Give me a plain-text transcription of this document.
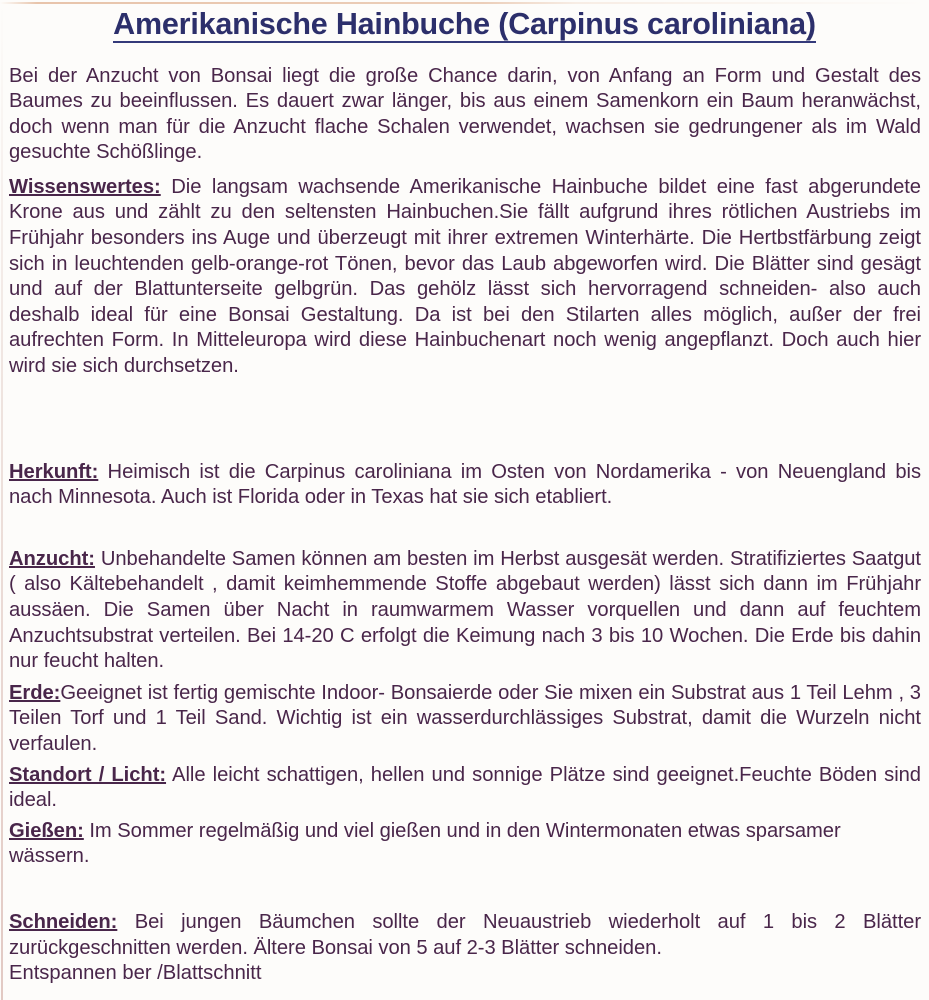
Amerikanische Hainbuche (Carpinus caroliniana)

Bei der Anzucht von Bonsai liegt die große Chance darin, von Anfang an Form und Gestalt des Baumes zu beeinflussen. Es dauert zwar länger, bis aus einem Samenkorn ein Baum heranwächst, doch wenn man für die Anzucht flache Schalen verwendet, wachsen sie gedrungener als im Wald gesuchte Schößlinge.

Wissenswertes: Die langsam wachsende Amerikanische Hainbuche bildet eine fast abgerundete Krone aus und zählt zu den seltensten Hainbuchen.Sie fällt aufgrund ihres rötlichen Austriebs im Frühjahr besonders ins Auge und überzeugt mit ihrer extremen Winterhärte. Die Hertbstfärbung zeigt sich in leuchtenden gelb-orange-rot Tönen, bevor das Laub abgeworfen wird. Die Blätter sind gesägt und auf der Blattunterseite gelbgrün. Das gehölz lässt sich hervorragend schneiden- also auch deshalb ideal für eine Bonsai Gestaltung. Da ist bei den Stilarten alles möglich, außer der frei aufrechten Form. In Mitteleuropa wird diese Hainbuchenart noch wenig angepflanzt. Doch auch hier wird sie sich durchsetzen.

Herkunft: Heimisch ist die Carpinus caroliniana im Osten von Nordamerika - von Neuengland bis nach Minnesota. Auch ist Florida oder in Texas hat sie sich etabliert.

Anzucht: Unbehandelte Samen können am besten im Herbst ausgesät werden. Stratifiziertes Saatgut ( also Kältebehandelt , damit keimhemmende Stoffe abgebaut werden) lässt sich dann im Frühjahr aussäen. Die Samen über Nacht in raumwarmem Wasser vorquellen und dann auf feuchtem Anzuchtsubstrat verteilen. Bei 14-20 C erfolgt die Keimung nach 3 bis 10 Wochen. Die Erde bis dahin nur feucht halten.

Erde:Geeignet ist fertig gemischte Indoor- Bonsaierde oder Sie mixen ein Substrat aus 1 Teil Lehm , 3 Teilen Torf und 1 Teil Sand. Wichtig ist ein wasserdurchlässiges Substrat, damit die Wurzeln nicht verfaulen.

Standort / Licht: Alle leicht schattigen, hellen und sonnige Plätze sind geeignet.Feuchte Böden sind ideal.

Gießen: Im Sommer regelmäßig und viel gießen und in den Wintermonaten etwas sparsamer wässern.

Schneiden: Bei jungen Bäumchen sollte der Neuaustrieb wiederholt auf 1 bis 2 Blätter zurückgeschnitten werden. Ältere Bonsai von 5 auf 2-3 Blätter schneiden.

Entspannen ber /Blattschnitt
